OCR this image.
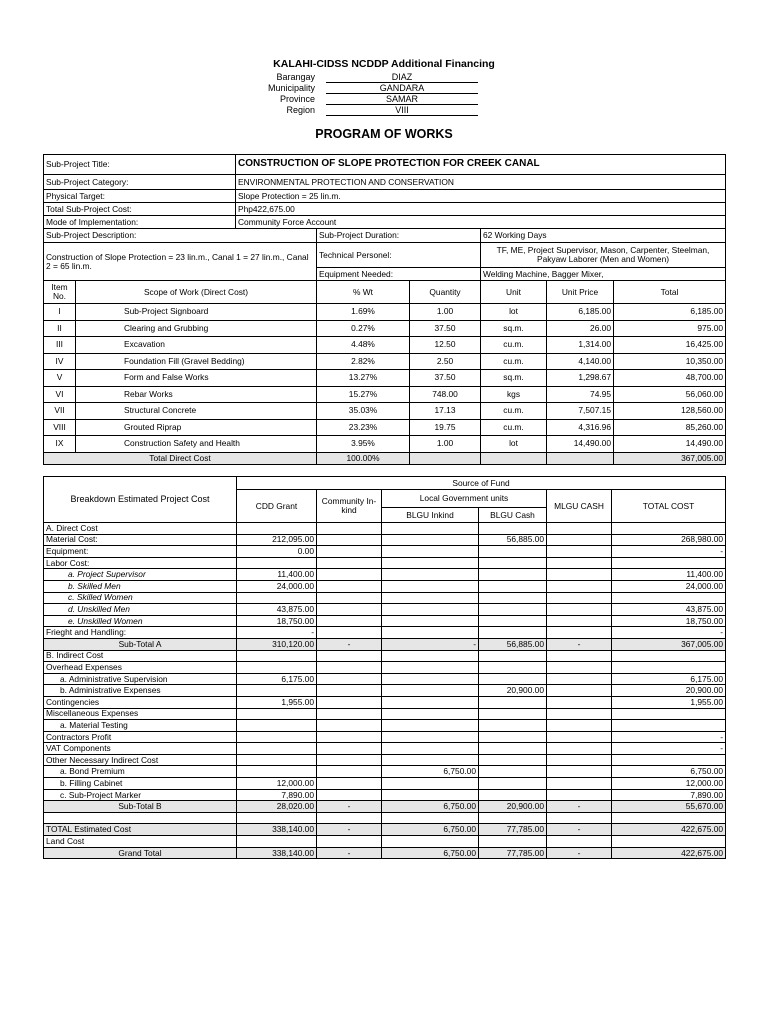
KALAHI-CIDSS NCDDP Additional Financing
Barangay	DIAZ
Municipality	GANDARA
Province	SAMAR
Region	VIII
PROGRAM OF WORKS
Sub-Project Title:		CONSTRUCTION OF SLOPE PROTECTION FOR CREEK CANAL					
Sub-Project Category:		ENVIRONMENTAL PROTECTION AND CONSERVATION					
Physical Target:		Slope Protection = 25 lin.m.					
Total Sub-Project Cost:		Php422,675.00					
Mode of Implementation:		Community Force Account					
Sub-Project Description:			Sub-Project Duration:		62 Working Days		
Construction of Slope Protection = 23 lin.m., Canal 1 = 27 lin.m., Canal 2 = 65 lin.m.			Technical Personel:		TF, ME, Project Supervisor, Mason, Carpenter, Steelman, Pakyaw Laborer (Men and Women)		
			Equipment Needed:		Welding Machine, Bagger Mixer,		
Item No.	Scope of Work (Direct Cost)		% Wt	Quantity	Unit	Unit Price	Total
I	Sub-Project Signboard		1.69%	1.00	lot	6,185.00	6,185.00
II	Clearing and Grubbing		0.27%	37.50	sq.m.	26.00	975.00
III	Excavation		4.48%	12.50	cu.m.	1,314.00	16,425.00
IV	Foundation Fill (Gravel Bedding)		2.82%	2.50	cu.m.	4,140.00	10,350.00
V	Form and False Works		13.27%	37.50	sq.m.	1,298.67	48,700.00
VI	Rebar Works		15.27%	748.00	kgs	74.95	56,060.00
VII	Structural Concrete		35.03%	17.13	cu.m.	7,507.15	128,560.00
VIII	Grouted Riprap		23.23%	19.75	cu.m.	4,316.96	85,260.00
IX	Construction Safety and Health		3.95%	1.00	lot	14,490.00	14,490.00
Total Direct Cost			100.00%				367,005.00
Breakdown Estimated Project Cost	Source of Fund					
	CDD Grant	Community In-kind	Local Government units		MLGU CASH	TOTAL COST
			BLGU Inkind	BLGU Cash		
A. Direct Cost						
Material Cost:	212,095.00			56,885.00		268,980.00
Equipment:	0.00					-
Labor Cost:						
a. Project Supervisor	11,400.00					11,400.00
b. Skilled Men	24,000.00					24,000.00
c. Skilled Women						
d. Unskilled Men	43,875.00					43,875.00
e. Unskilled Women	18,750.00					18,750.00
Frieght and Handling:	-					-
Sub-Total A	310,120.00	-	-	56,885.00	-	367,005.00
B. Indirect Cost						
Overhead Expenses						
a. Administrative Supervision	6,175.00					6,175.00
b. Administrative Expenses				20,900.00		20,900.00
Contingencies	1,955.00					1,955.00
Miscellaneous Expenses						
a. Material Testing						
Contractors Profit						-
VAT Components						-
Other Necessary Indirect Cost						
a. Bond Premium			6,750.00			6,750.00
b. Filling Cabinet	12,000.00					12,000.00
c. Sub-Project Marker	7,890.00					7,890.00
Sub-Total B	28,020.00	-	6,750.00	20,900.00	-	55,670.00

TOTAL Estimated Cost	338,140.00	-	6,750.00	77,785.00	-	422,675.00
Land Cost						
Grand Total	338,140.00	-	6,750.00	77,785.00	-	422,675.00
